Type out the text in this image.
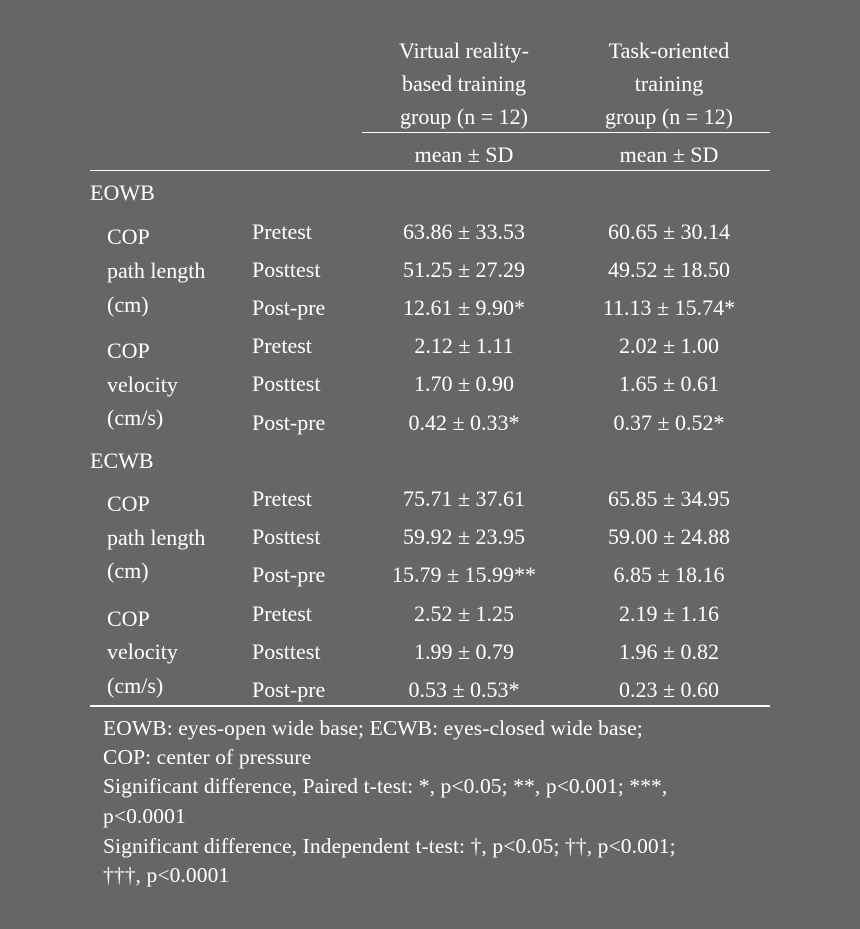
Virtual reality-
based training
group (n = 12)
Task-oriented
training
group (n = 12)
mean ± SD	mean ± SD
EOWB
COP
path length
(cm)
Pretest	63.86 ± 33.53	60.65 ± 30.14
Posttest	51.25 ± 27.29	49.52 ± 18.50
Post-pre	12.61 ± 9.90*	11.13 ± 15.74*
COP
velocity
(cm/s)
Pretest	2.12 ± 1.11	2.02 ± 1.00
Posttest	1.70 ± 0.90	1.65 ± 0.61
Post-pre	0.42 ± 0.33*	0.37 ± 0.52*
ECWB
COP
path length
(cm)
Pretest	75.71 ± 37.61	65.85 ± 34.95
Posttest	59.92 ± 23.95	59.00 ± 24.88
Post-pre	15.79 ± 15.99**	6.85 ± 18.16
COP
velocity
(cm/s)
Pretest	2.52 ± 1.25	2.19 ± 1.16
Posttest	1.99 ± 0.79	1.96 ± 0.82
Post-pre	0.53 ± 0.53*	0.23 ± 0.60
EOWB: eyes-open wide base; ECWB: eyes-closed wide base;
COP: center of pressure
Significant difference, Paired t-test: *, p<0.05; **, p<0.001; ***,
p<0.0001
Significant difference, Independent t-test: †, p<0.05; ††, p<0.001;
†††, p<0.0001
